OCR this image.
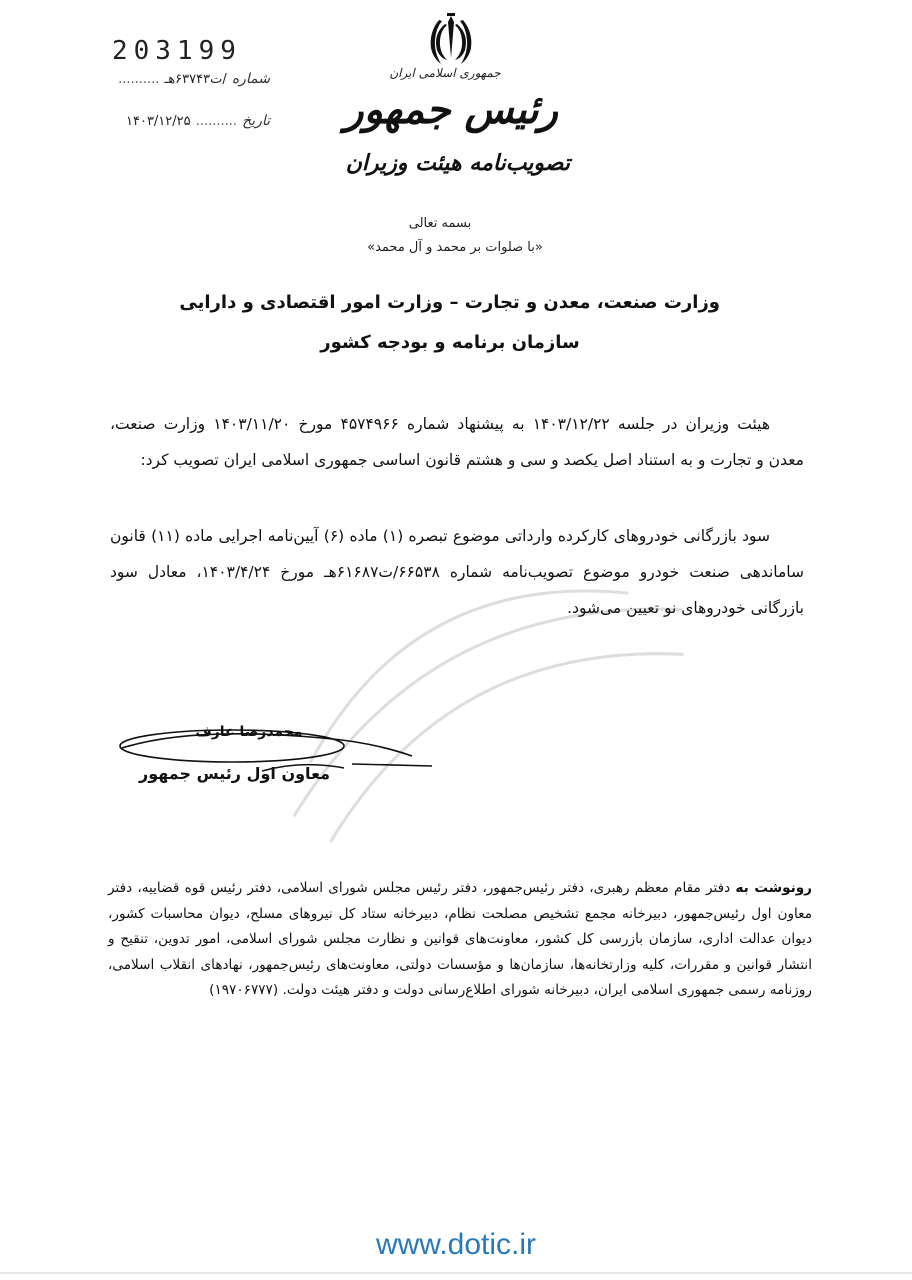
203199
شماره /ت۶۳۷۴۳هـ ..........
تاریخ .......... ۱۴۰۳/۱۲/۲۵
جمهوری اسلامی ایران
رئیس جمهور
تصویب‌نامه هیئت وزیران
بسمه تعالی
«با صلوات بر محمد و آل محمد»
وزارت صنعت، معدن و تجارت – وزارت امور اقتصادی و دارایی
سازمان برنامه و بودجه کشور
هیئت وزیران در جلسه ۱۴۰۳/۱۲/۲۲ به پیشنهاد شماره ۴۵۷۴۹۶۶ مورخ ۱۴۰۳/۱۱/۲۰ وزارت صنعت، معدن و تجارت و به استناد اصل یکصد و سی و هشتم قانون اساسی جمهوری اسلامی ایران تصویب کرد:
سود بازرگانی خودروهای کارکرده وارداتی موضوع تبصره (۱) ماده (۶) آیین‌نامه اجرایی ماده (۱۱) قانون ساماندهی صنعت خودرو موضوع تصویب‌نامه شماره ۶۶۵۳۸/ت۶۱۶۸۷هـ مورخ ۱۴۰۳/۴/۲۴، معادل سود بازرگانی خودروهای نو تعیین می‌شود.
محمدرضا عارف
معاون اول رئیس جمهور
رونوشت به دفتر مقام معظم رهبری، دفتر رئیس‌جمهور، دفتر رئیس مجلس شورای اسلامی، دفتر رئیس قوه قضاییه، دفتر معاون اول رئیس‌جمهور، دبیرخانه مجمع تشخیص مصلحت نظام، دبیرخانه ستاد کل نیروهای مسلح، دیوان محاسبات کشور، دیوان عدالت اداری، سازمان بازرسی کل کشور، معاونت‌های قوانین و نظارت مجلس شورای اسلامی، امور تدوین، تنقیح و انتشار قوانین و مقررات، کلیه وزارتخانه‌ها، سازمان‌ها و مؤسسات دولتی، معاونت‌های رئیس‌جمهور، نهادهای انقلاب اسلامی، روزنامه رسمی جمهوری اسلامی ایران، دبیرخانه شورای اطلاع‌رسانی دولت و دفتر هیئت دولت. (۱۹۷۰۶۷۷۷)
www.dotic.ir
